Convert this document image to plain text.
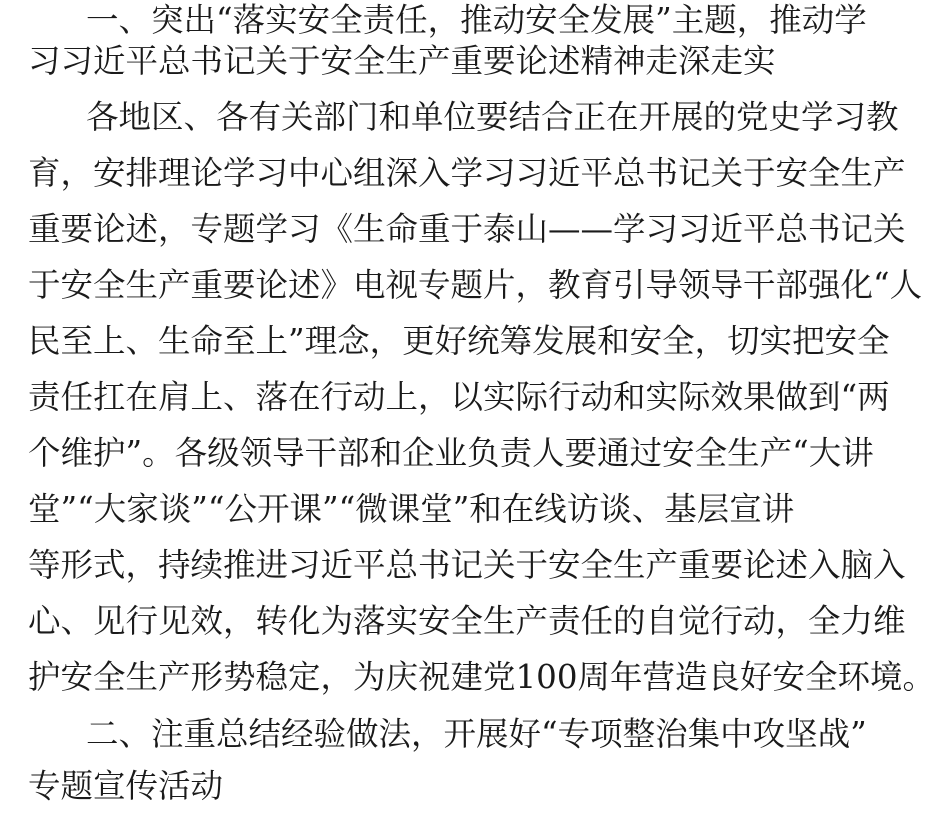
一、突出“落实安全责任，推动安全发展”主题，推动学
习习近平总书记关于安全生产重要论述精神走深走实
各地区、各有关部门和单位要结合正在开展的党史学习教
育，安排理论学习中心组深入学习习近平总书记关于安全生产
重要论述，专题学习《生命重于泰山——学习习近平总书记关
于安全生产重要论述》电视专题片，教育引导领导干部强化“人
民至上、生命至上”理念，更好统筹发展和安全，切实把安全
责任扛在肩上、落在行动上，以实际行动和实际效果做到“两
个维护”。各级领导干部和企业负责人要通过安全生产“大讲
堂”“大家谈”“公开课”“微课堂”和在线访谈、基层宣讲
等形式，持续推进习近平总书记关于安全生产重要论述入脑入
心、见行见效，转化为落实安全生产责任的自觉行动，全力维
护安全生产形势稳定，为庆祝建党100周年营造良好安全环境。
二、注重总结经验做法，开展好“专项整治集中攻坚战”
专题宣传活动
